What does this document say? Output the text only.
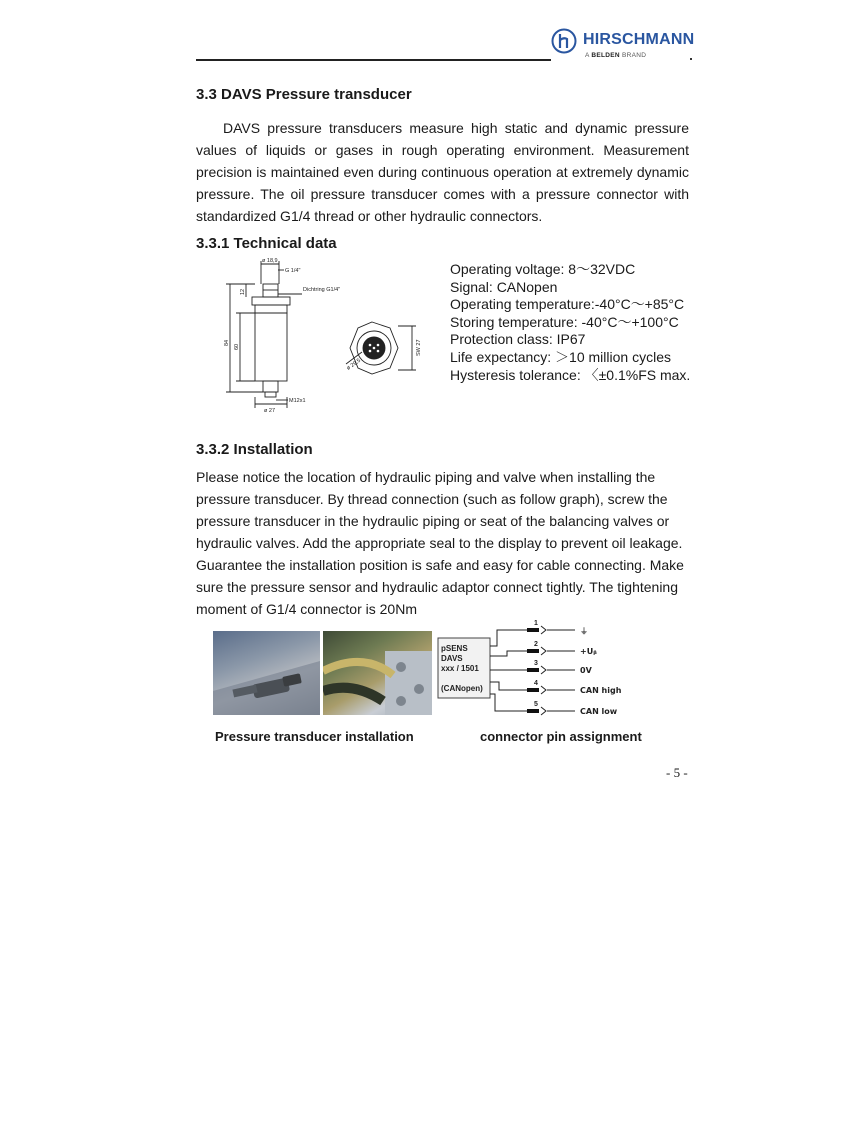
HIRSCHMANN
A BELDEN BRAND
3.3 DAVS Pressure transducer

DAVS pressure transducers measure high static and dynamic pressure values of liquids or gases in rough operating environment. Measurement precision is maintained even during continuous operation at extremely dynamic pressure. The oil pressure transducer comes with a pressure connector with standardized G1/4 thread or other hydraulic connectors.

3.3.1 Technical data
ø 18,9
G 1/4"
Dichtring G1/4"
M12x1
ø 27
84
60
12
ø 29,5
SW 27
Operating voltage: 8～32VDC
Signal: CANopen
Operating temperature:-40°C～+85°C
Storing temperature: -40°C～+100°C
Protection class: IP67
Life expectancy: ＞10 million cycles
Hysteresis tolerance: 〈±0.1%FS max.
3.3.2 Installation

Please notice the location of hydraulic piping and valve when installing the pressure transducer. By thread connection (such as follow graph), screw the pressure transducer in the hydraulic piping or seat of the balancing valves or hydraulic valves. Add the appropriate seal to the display to prevent oil leakage. Guarantee the installation position is safe and easy for cable connecting. Make sure the pressure sensor and hydraulic adaptor connect tightly. The tightening moment of G1/4 connector is 20Nm

pSENS
DAVS
xxx / 1501
(CANopen)
1
2
3
4
5
⏚
+Uᵦ
0V
CAN high
CAN low

Pressure transducer installation	connector pin assignment

- 5 -
